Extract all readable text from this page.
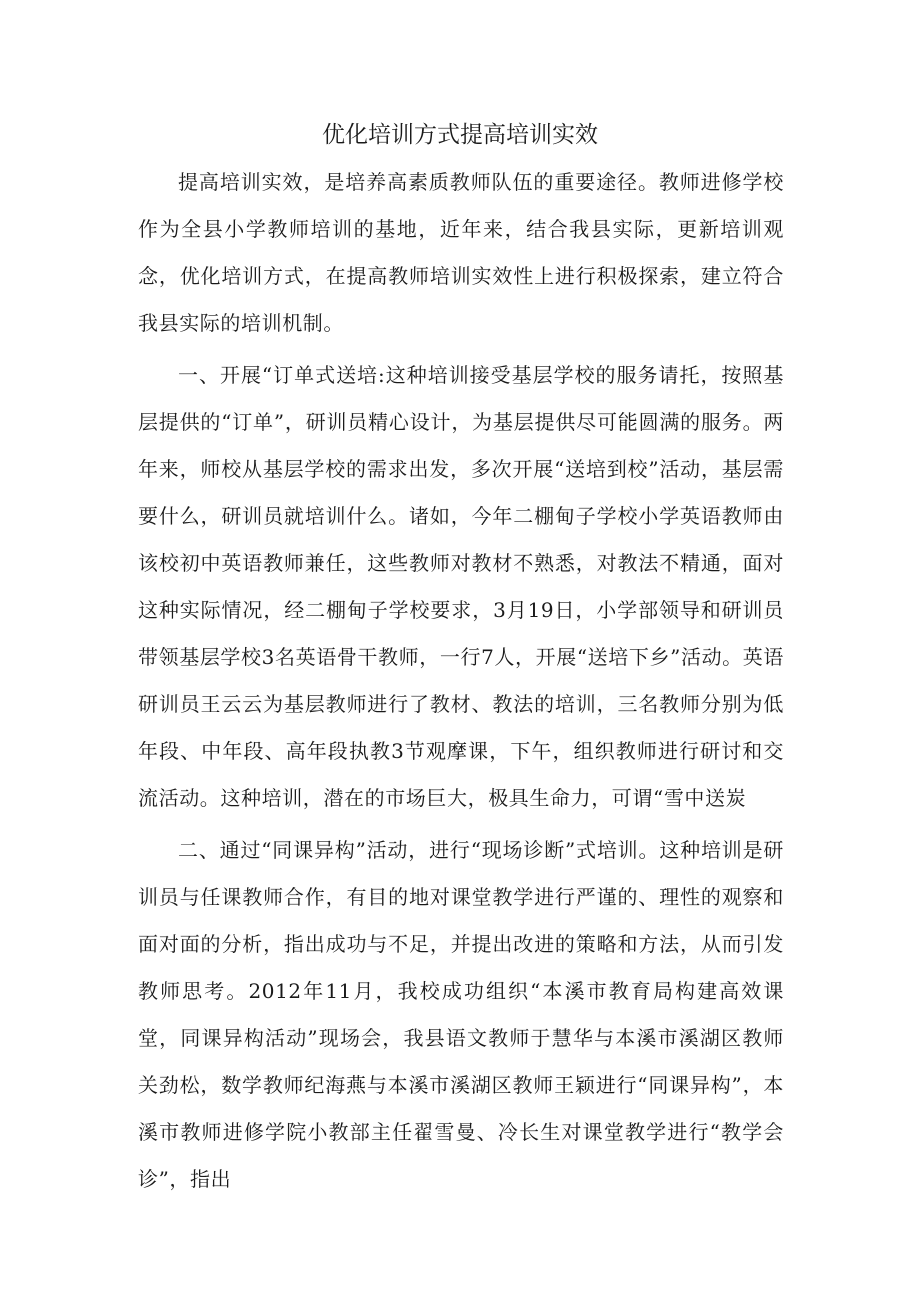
优化培训方式提高培训实效

提高培训实效，是培养高素质教师队伍的重要途径。教师进修学校作为全县小学教师培训的基地，近年来，结合我县实际，更新培训观念，优化培训方式，在提高教师培训实效性上进行积极探索，建立符合我县实际的培训机制。

一、开展“订单式送培:这种培训接受基层学校的服务请托，按照基层提供的“订单”，研训员精心设计，为基层提供尽可能圆满的服务。两年来，师校从基层学校的需求出发，多次开展“送培到校”活动，基层需要什么，研训员就培训什么。诸如，今年二棚甸子学校小学英语教师由该校初中英语教师兼任，这些教师对教材不熟悉，对教法不精通，面对这种实际情况，经二棚甸子学校要求，3月19日，小学部领导和研训员带领基层学校3名英语骨干教师，一行7人，开展“送培下乡”活动。英语研训员王云云为基层教师进行了教材、教法的培训，三名教师分别为低年段、中年段、高年段执教3节观摩课，下午，组织教师进行研讨和交流活动。这种培训，潜在的市场巨大，极具生命力，可谓“雪中送炭

二、通过“同课异构”活动，进行“现场诊断”式培训。这种培训是研训员与任课教师合作，有目的地对课堂教学进行严谨的、理性的观察和面对面的分析，指出成功与不足，并提出改进的策略和方法，从而引发教师思考。2012年11月，我校成功组织“本溪市教育局构建高效课堂，同课异构活动”现场会，我县语文教师于慧华与本溪市溪湖区教师关劲松，数学教师纪海燕与本溪市溪湖区教师王颖进行“同课异构”，本溪市教师进修学院小教部主任翟雪曼、冷长生对课堂教学进行“教学会诊”，指出
